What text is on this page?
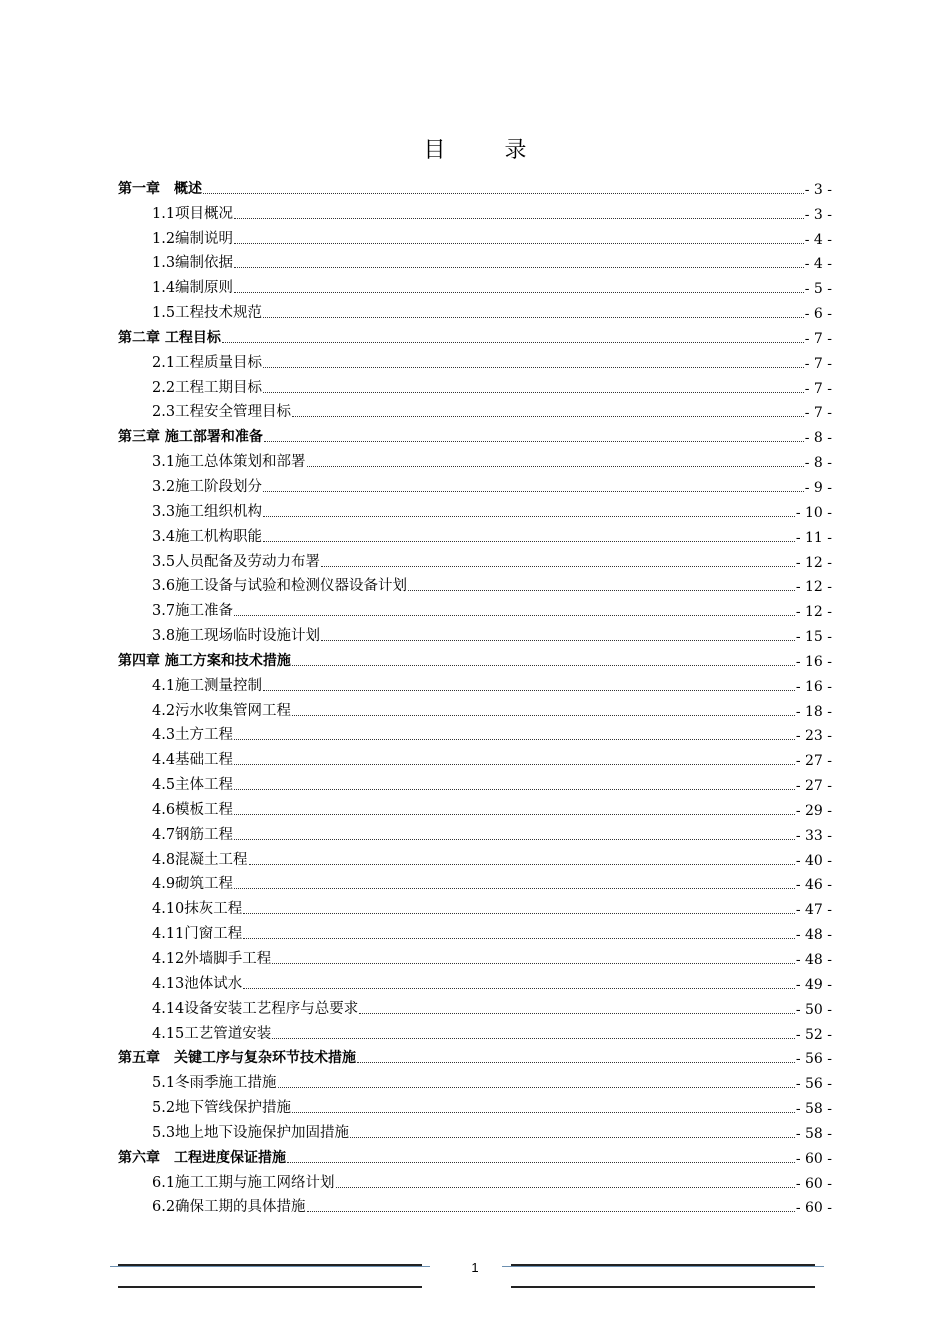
目 录
第一章　概述	- 3 -
1.1项目概况	- 3 -
1.2编制说明	- 4 -
1.3编制依据	- 4 -
1.4编制原则	- 5 -
1.5工程技术规范	- 6 -
第二章 工程目标	- 7 -
2.1工程质量目标	- 7 -
2.2工程工期目标	- 7 -
2.3工程安全管理目标	- 7 -
第三章 施工部署和准备	- 8 -
3.1施工总体策划和部署	- 8 -
3.2施工阶段划分	- 9 -
3.3施工组织机构	- 10 -
3.4施工机构职能	- 11 -
3.5人员配备及劳动力布署	- 12 -
3.6施工设备与试验和检测仪器设备计划	- 12 -
3.7施工准备	- 12 -
3.8施工现场临时设施计划	- 15 -
第四章 施工方案和技术措施	- 16 -
4.1施工测量控制	- 16 -
4.2污水收集管网工程	- 18 -
4.3土方工程	- 23 -
4.4基础工程	- 27 -
4.5主体工程	- 27 -
4.6模板工程	- 29 -
4.7钢筋工程	- 33 -
4.8混凝土工程	- 40 -
4.9砌筑工程	- 46 -
4.10抹灰工程	- 47 -
4.11门窗工程	- 48 -
4.12外墙脚手工程	- 48 -
4.13池体试水	- 49 -
4.14设备安装工艺程序与总要求	- 50 -
4.15工艺管道安装	- 52 -
第五章　关键工序与复杂环节技术措施	- 56 -
5.1冬雨季施工措施	- 56 -
5.2地下管线保护措施	- 58 -
5.3地上地下设施保护加固措施	- 58 -
第六章　工程进度保证措施	- 60 -
6.1施工工期与施工网络计划	- 60 -
6.2确保工期的具体措施	- 60 -
1
